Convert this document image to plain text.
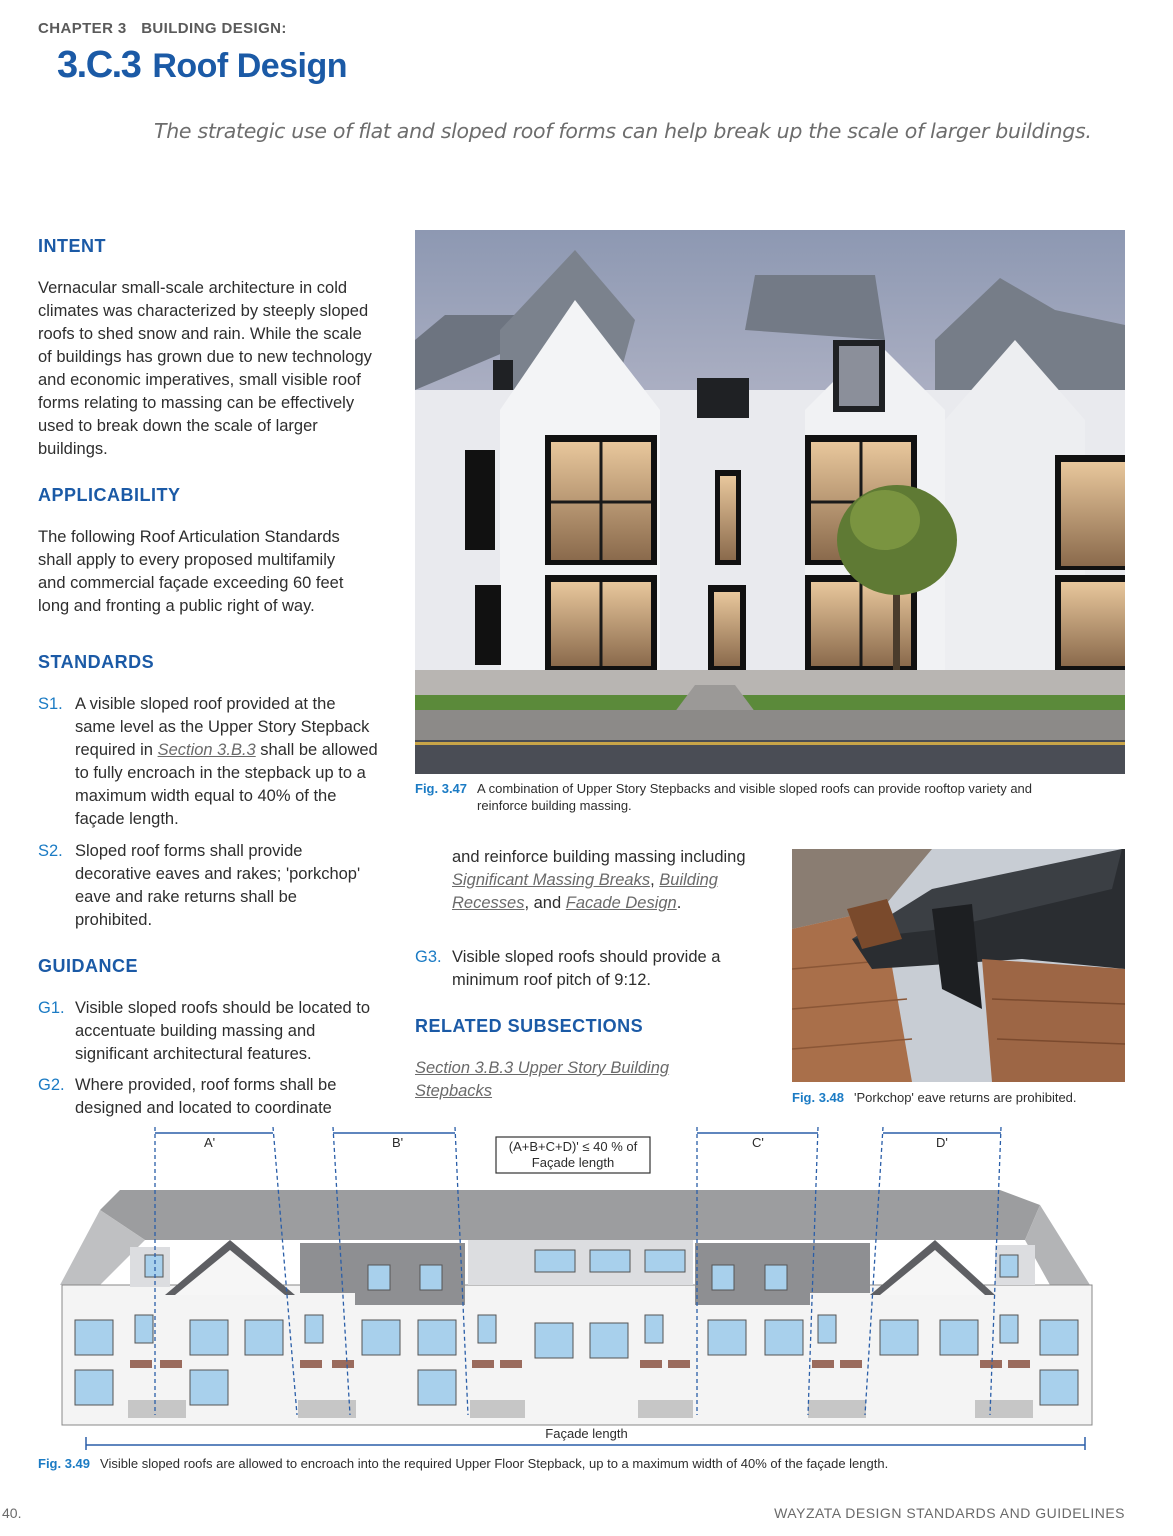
CHAPTER 3 BUILDING DESIGN:
3.C.3 Roof Design
The strategic use of flat and sloped roof forms can help break up the scale of larger buildings.
INTENT
Vernacular small-scale architecture in cold climates was characterized by steeply sloped roofs to shed snow and rain. While the scale of buildings has grown due to new technology and economic imperatives, small visible roof forms relating to massing can be effectively used to break down the scale of larger buildings.
APPLICABILITY
The following Roof Articulation Standards shall apply to every proposed multifamily and commercial façade exceeding 60 feet long and fronting a public right of way.
STANDARDS
S1. A visible sloped roof provided at the same level as the Upper Story Stepback required in Section 3.B.3 shall be allowed to fully encroach in the stepback up to a maximum width equal to 40% of the façade length.
S2. Sloped roof forms shall provide decorative eaves and rakes; 'porkchop' eave and rake returns shall be prohibited.
GUIDANCE
G1. Visible sloped roofs should be located to accentuate building massing and significant architectural features.
G2. Where provided, roof forms shall be designed and located to coordinate
and reinforce building massing including Significant Massing Breaks, Building Recesses, and Facade Design.
G3. Visible sloped roofs should provide a minimum roof pitch of 9:12.
RELATED SUBSECTIONS
Section 3.B.3 Upper Story Building Stepbacks
Fig. 3.47 A combination of Upper Story Stepbacks and visible sloped roofs can provide rooftop variety and reinforce building massing.
Fig. 3.48 'Porkchop' eave returns are prohibited.
A'	B'	C'	D'
(A+B+C+D)' ≤ 40 % of
Façade length
Façade length
Fig. 3.49 Visible sloped roofs are allowed to encroach into the required Upper Floor Stepback, up to a maximum width of 40% of the façade length.
40.	WAYZATA DESIGN STANDARDS AND GUIDELINES
